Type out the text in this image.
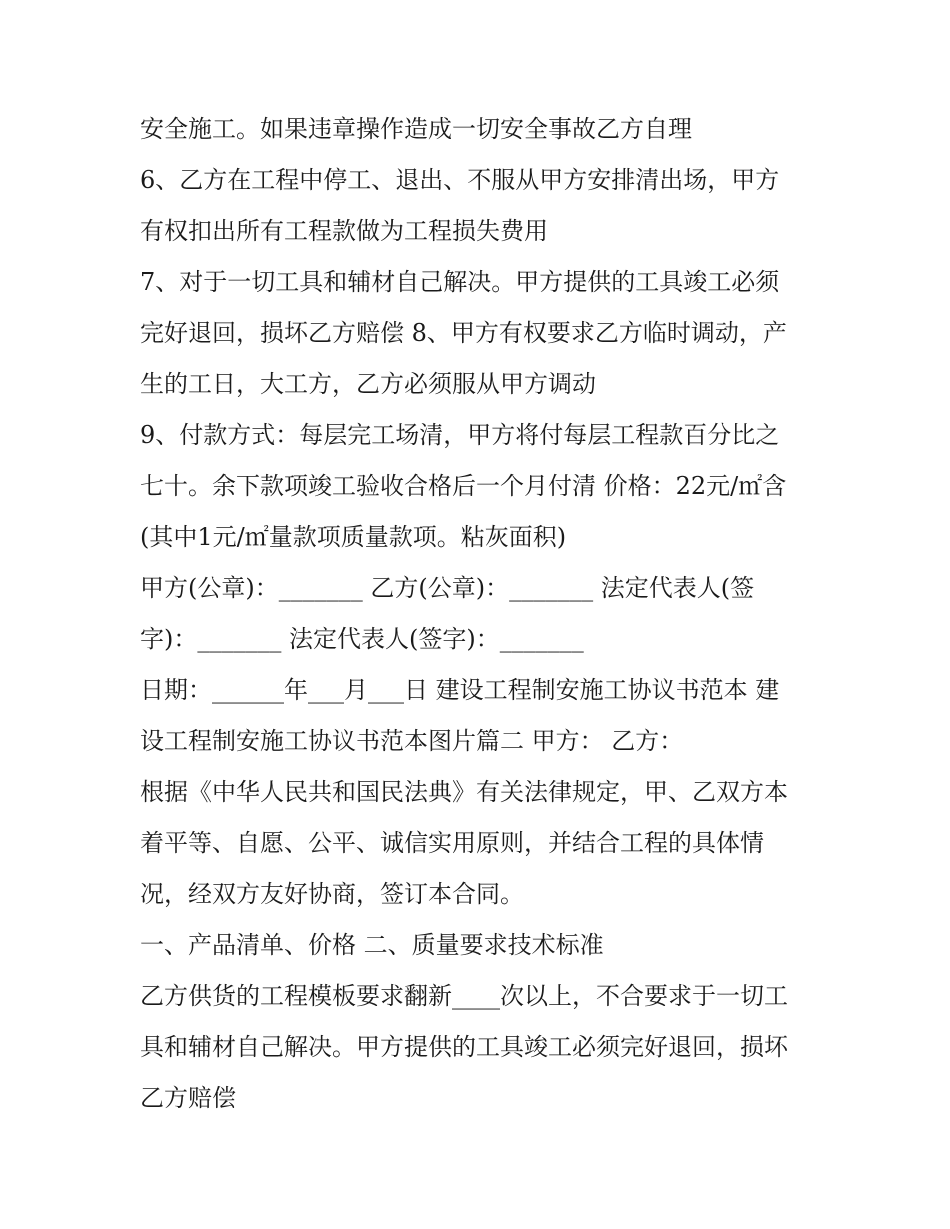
安全施工。如果违章操作造成一切安全事故乙方自理
6、乙方在工程中停工、退出、不服从甲方安排清出场，甲方
有权扣出所有工程款做为工程损失费用
7、对于一切工具和辅材自己解决。甲方提供的工具竣工必须
完好退回，损坏乙方赔偿 8、甲方有权要求乙方临时调动，产
生的工日，大工方，乙方必须服从甲方调动
9、付款方式：每层完工场清，甲方将付每层工程款百分比之
七十。余下款项竣工验收合格后一个月付清 价格：22元/㎡含
(其中1元/㎡量款项质量款项。粘灰面积)
甲方(公章)：_______ 乙方(公章)：_______ 法定代表人(签
字)：_______ 法定代表人(签字)：_______
日期：______年___月___日 建设工程制安施工协议书范本 建
设工程制安施工协议书范本图片篇二 甲方： 乙方：
根据《中华人民共和国民法典》有关法律规定，甲、乙双方本
着平等、自愿、公平、诚信实用原则，并结合工程的具体情
况，经双方友好协商，签订本合同。
一、产品清单、价格 二、质量要求技术标准
乙方供货的工程模板要求翻新____次以上，不合要求于一切工
具和辅材自己解决。甲方提供的工具竣工必须完好退回，损坏
乙方赔偿
